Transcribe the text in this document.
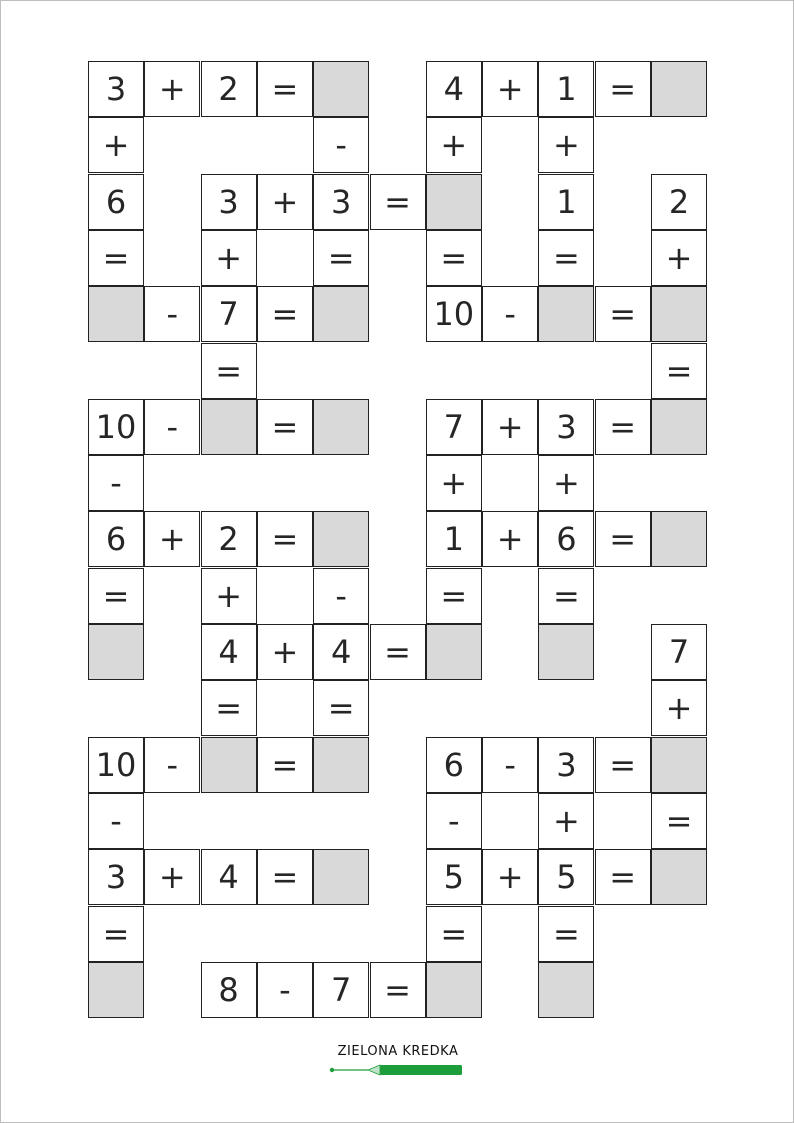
3 + 2 =	4 + 1 =
+	-	+	+
6	3 + 3 =	1	2
=	+	=	=	=	+
- 7 =	10 -	=
=	=
10 -	=	7 + 3 =
-	+	+
6 + 2 =	1 + 6 =
=	+	-	=	=
4 + 4 =	7
=	=	+
10 -	=	6 - 3 =
-	-	+	=
3 + 4 =	5 + 5 =
=	=	=
8 - 7 =
ZIELONA KREDKA
